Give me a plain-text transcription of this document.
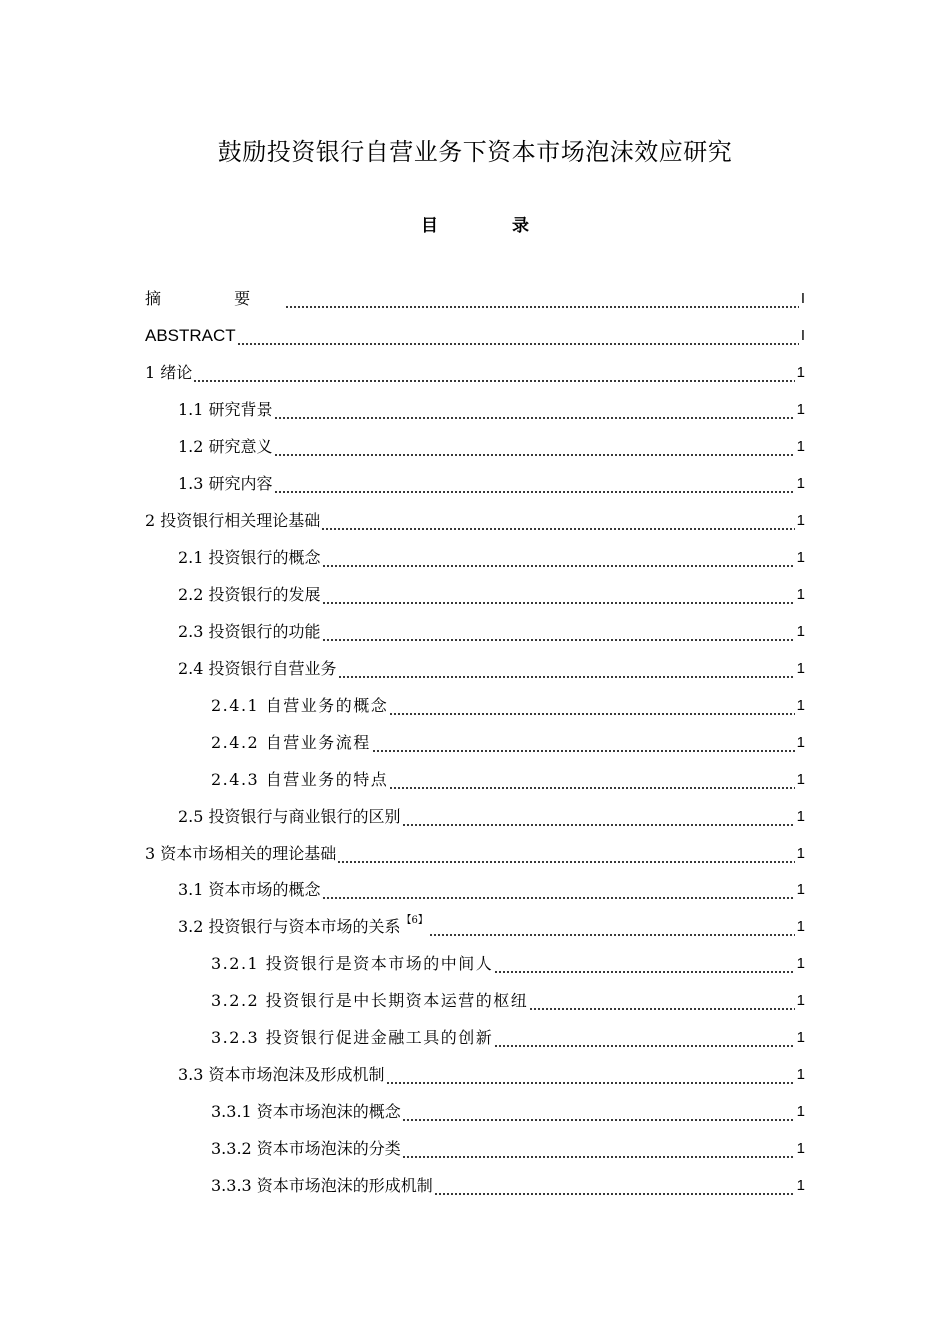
鼓励投资银行自营业务下资本市场泡沫效应研究
目 录
摘 要	I
ABSTRACT	I
1 绪论	1
1.1 研究背景	1
1.2 研究意义	1
1.3 研究内容	1
2 投资银行相关理论基础	1
2.1 投资银行的概念	1
2.2 投资银行的发展	1
2.3 投资银行的功能	1
2.4 投资银行自营业务	1
2.4.1 自营业务的概念	1
2.4.2 自营业务流程	1
2.4.3 自营业务的特点	1
2.5 投资银行与商业银行的区别	1
3 资本市场相关的理论基础	1
3.1 资本市场的概念	1
3.2 投资银行与资本市场的关系$^{【6】}$	1
3.2.1 投资银行是资本市场的中间人	1
3.2.2 投资银行是中长期资本运营的枢纽	1
3.2.3 投资银行促进金融工具的创新	1
3.3 资本市场泡沫及形成机制	1
3.3.1 资本市场泡沫的概念	1
3.3.2 资本市场泡沫的分类	1
3.3.3 资本市场泡沫的形成机制	1
